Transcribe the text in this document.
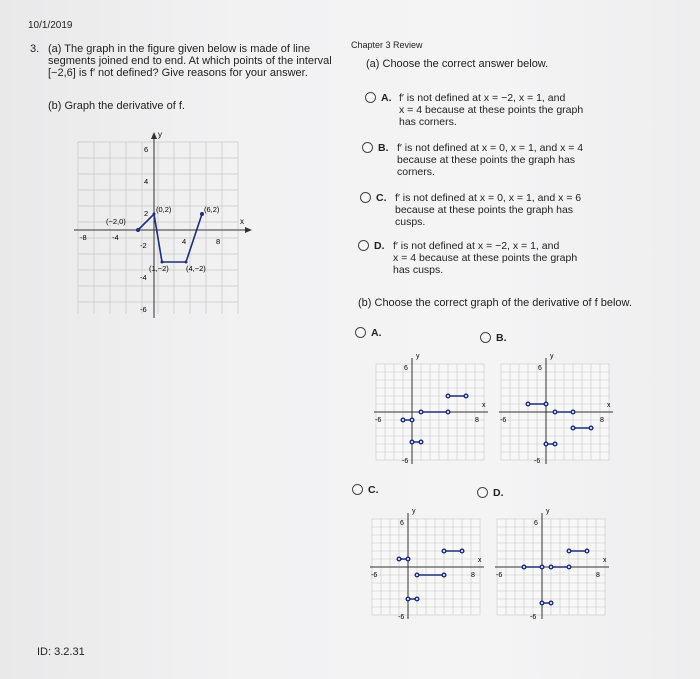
10/1/2019
3. (a) The graph in the figure given below is made of line segments joined end to end. At which points of the interval [−2,6] is f′ not defined? Give reasons for your answer.
(b) Graph the derivative of f.
y
x
-8	-4	4	8
6
4
2
-2
-4
-6
(−2,0)
(0,2)	(6,2)
(1,−2) (4,−2)
Chapter 3 Review
(a) Choose the correct answer below.
A. f′ is not defined at x = −2, x = 1, and
x = 4 because at these points the graph
has corners.
B. f′ is not defined at x = 0, x = 1, and x = 4
because at these points the graph has
corners.
C. f′ is not defined at x = 0, x = 1, and x = 6
because at these points the graph has
cusps.
D. f′ is not defined at x = −2, x = 1, and
x = 4 because at these points the graph
has cusps.
(b) Choose the correct graph of the derivative of f below.
A.	B.
C.	D.
y
x
6
-6
-6	8
y
x
6
-6
-6	8
y
x
6
-6
-6	8
y
x
6
-6
-6	8
ID: 3.2.31
